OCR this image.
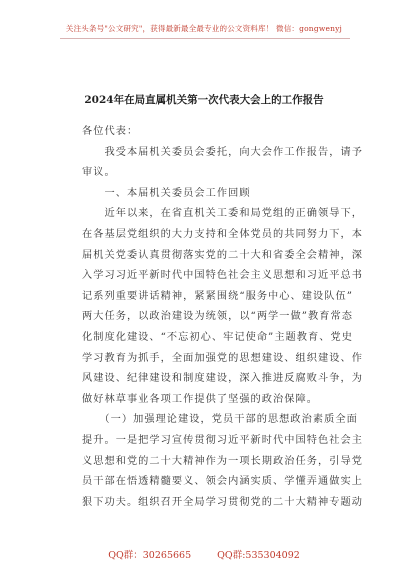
关注头条号"公文研究"，获得最新最全最专业的公文资料库！ 微信：gongwenyj
2024年在局直属机关第一次代表大会上的工作报告

各位代表：

　　我受本届机关委员会委托，向大会作工作报告，请予

审议。

　　一、本届机关委员会工作回顾

　　近年以来，在省直机关工委和局党组的正确领导下，

在各基层党组织的大力支持和全体党员的共同努力下，本

届机关党委认真贯彻落实党的二十大和省委全会精神，深

入学习习近平新时代中国特色社会主义思想和习近平总书

记系列重要讲话精神，紧紧围绕“服务中心、建设队伍”

两大任务，以政治建设为统领，以“两学一做”教育常态

化制度化建设、“不忘初心、牢记使命”主题教育、党史

学习教育为抓手，全面加强党的思想建设、组织建设、作

风建设、纪律建设和制度建设，深入推进反腐败斗争，为

做好林草事业各项工作提供了坚强的政治保障。

　　（一）加强理论建设，党员干部的思想政治素质全面

提升。一是把学习宣传贯彻习近平新时代中国特色社会主

义思想和党的二十大精神作为一项长期政治任务，引导党

员干部在悟透精髓要义、领会内涵实质、学懂弄通做实上

狠下功夫。组织召开全局学习贯彻党的二十大精神专题动

QQ群：30265665	QQ群:535304092
